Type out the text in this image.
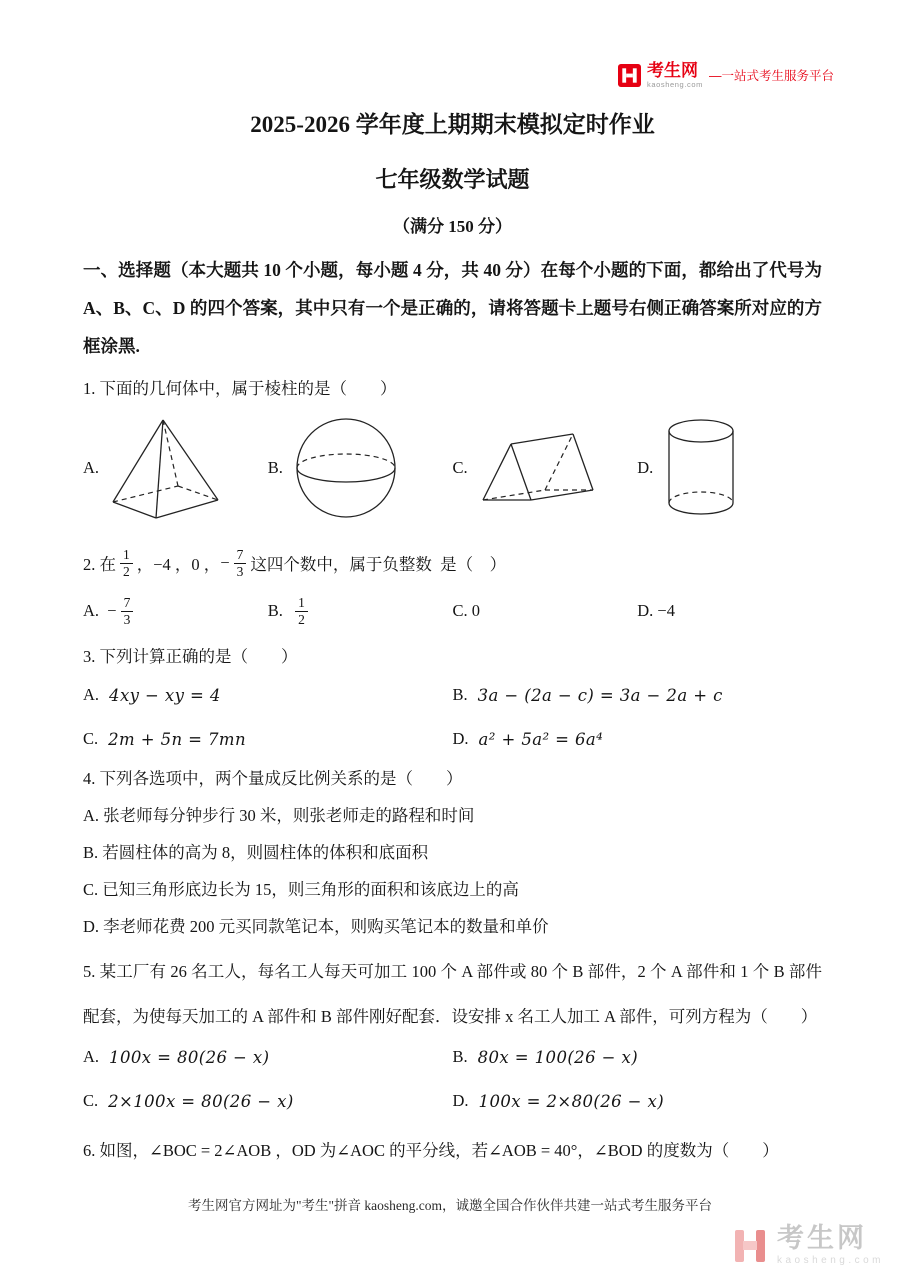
考生网
kaosheng.com
—一站式考生服务平台
2025-2026 学年度上期期末模拟定时作业
七年级数学试题
（满分 150 分）

一、选择题（本大题共 10 个小题，每小题 4 分，共 40 分）在每个小题的下面，都给出了代号为 A、B、C、D 的四个答案，其中只有一个是正确的，请将答题卡上题号右侧正确答案所对应的方框涂黑.

1. 下面的几何体中，属于棱柱的是（　　）
A.	B.	C.	D.
2. 在 $\frac{1}{2}$ ，−4 ，0 ， − $\frac{7}{3}$ 这四个数中，属于负整数  是（　）
A. − $\frac{7}{3}$	B. $\frac{1}{2}$	C. 0	D. −4
3. 下列计算正确的是（　　）
A. 4xy − xy = 4	B. 3a − (2a − c) = 3a − 2a + c
C. 2m + 5n = 7mn	D. a² + 5a² = 6a⁴
4. 下列各选项中，两个量成反比例关系的是（　　）
A. 张老师每分钟步行 30 米，则张老师走的路程和时间
B. 若圆柱体的高为 8，则圆柱体的体积和底面积
C. 已知三角形底边长为 15，则三角形的面积和该底边上的高
D. 李老师花费 200 元买同款笔记本，则购买笔记本的数量和单价

5. 某工厂有 26 名工人，每名工人每天可加工 100 个 A 部件或 80 个 B 部件，2 个 A 部件和 1 个 B 部件配套，为使每天加工的 A 部件和 B 部件刚好配套．设安排 x 名工人加工 A 部件，可列方程为（　　）

A. 100x = 80(26 − x)	B. 80x = 100(26 − x)
C. 2×100x = 80(26 − x)	D. 100x = 2×80(26 − x)
6. 如图，∠BOC = 2∠AOB ，OD 为∠AOC 的平分线，若∠AOB = 40°，∠BOD 的度数为（　　）
考生网官方网址为"考生"拼音 kaosheng.com，诚邀全国合作伙伴共建一站式考生服务平台
考生网
kaosheng.com
